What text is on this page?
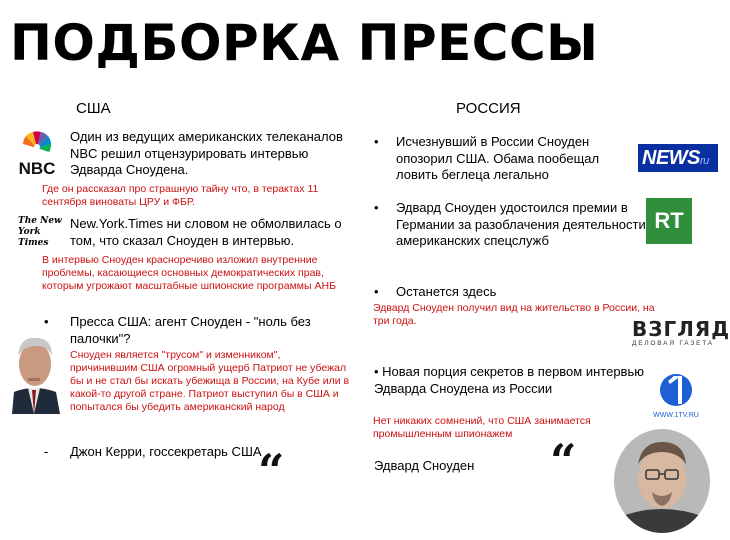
ПОДБОРКА ПРЕССЫ
США
NBC
Один из ведущих американских телеканалов NBC решил отцензурировать интервью Эдварда Сноудена.
Где он рассказал про страшную тайну что, в терактах 11 сентября виноваты ЦРУ и ФБР.
The New York Times
New.York.Times ни словом не обмолвилась о том, что сказал Сноуден в интервью.
В интервью Сноуден красноречиво изложил внутренние проблемы, касающиеся основных демократических прав, которым угрожают масштабные шпионские программы АНБ
• Пресса США: агент Сноуден - "ноль без палочки"?
Сноуден является "трусом" и изменником", причинившим США огромный ущерб Патриот не убежал бы и не стал бы искать убежища в России, на Кубе или в какой-то другой стране. Патриот выступил бы в США и попытался бы убедить американский народ
- Джон Керри, госсекретарь США
“
РОССИЯ
• Исчезнувший в России Сноуден опозорил США. Обама пообещал ловить беглеца легально
NEWSru
• Эдвард Сноуден удостоился премии в Германии за разоблачения деятельности американских спецслужб
RT
• Останется здесь
Эдвард Сноуден получил вид на жительство в России, на три года.	ВЗГЛЯД
ДЕЛОВАЯ ГАЗЕТА
• Новая порция секретов в первом интервью Эдварда Сноудена из России
WWW.1TV.RU
Нет никаких сомнений, что США занимается промышленным шпионажем
Эдвард Сноуден	“
